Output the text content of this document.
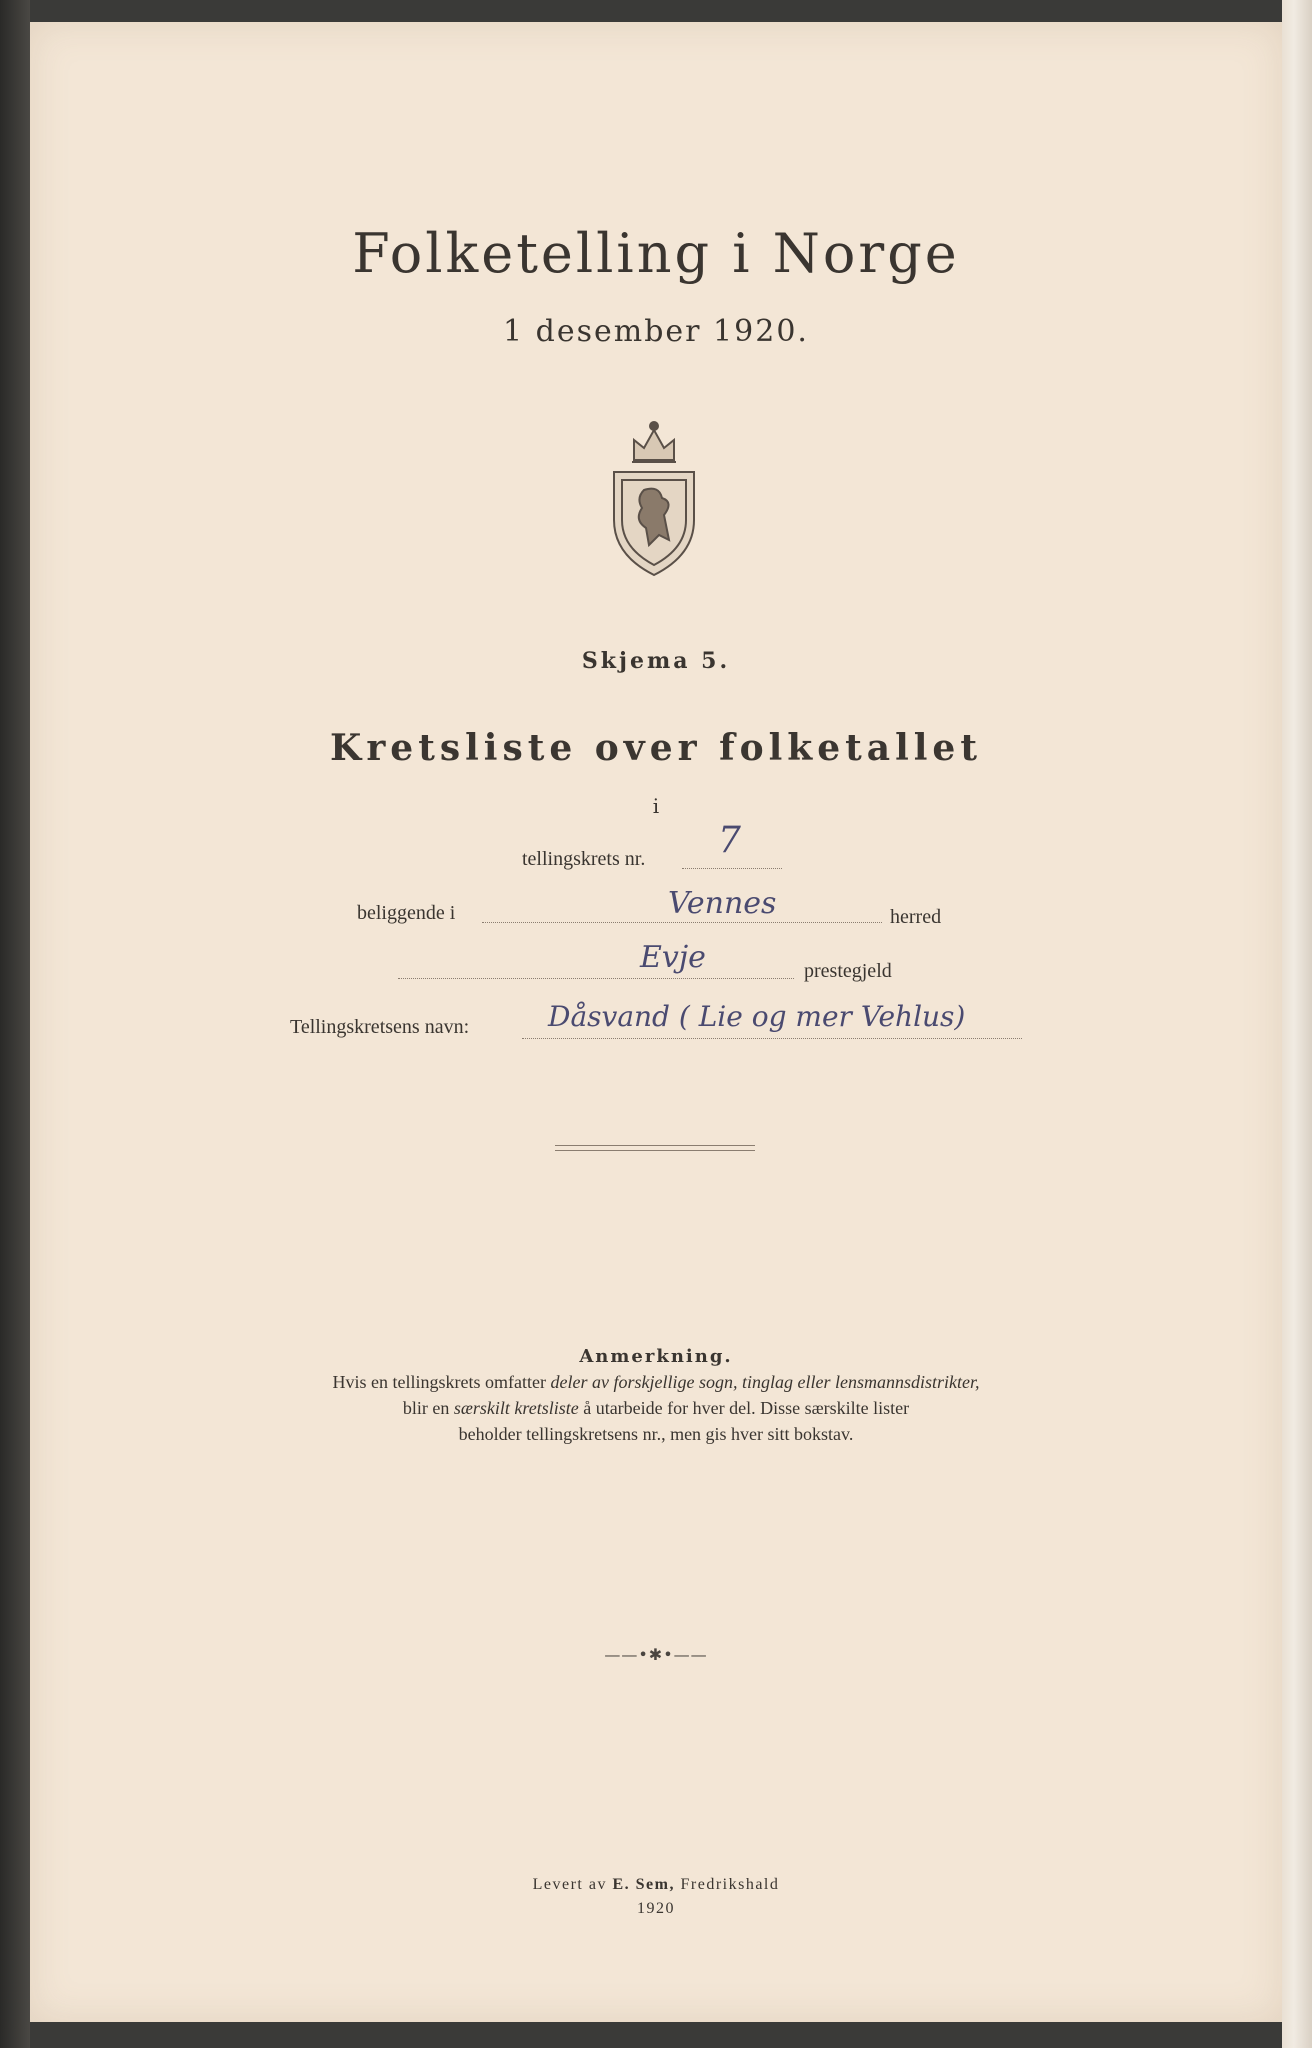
Folketelling i Norge
1 desember 1920.
Skjema 5.
Kretsliste over folketallet
i
tellingskrets nr. 7
beliggende i	Vennes	herred
Evje	prestegjeld
Tellingskretsens navn:	Dåsvand ( Lie og mer Vehlus)
Anmerkning.
Hvis en tellingskrets omfatter deler av forskjellige sogn, tinglag eller lensmannsdistrikter,
blir en særskilt kretsliste å utarbeide for hver del. Disse særskilte lister
beholder tellingskretsens nr., men gis hver sitt bokstav.
——•✱•——
Levert av E. Sem, Fredrikshald
1920
